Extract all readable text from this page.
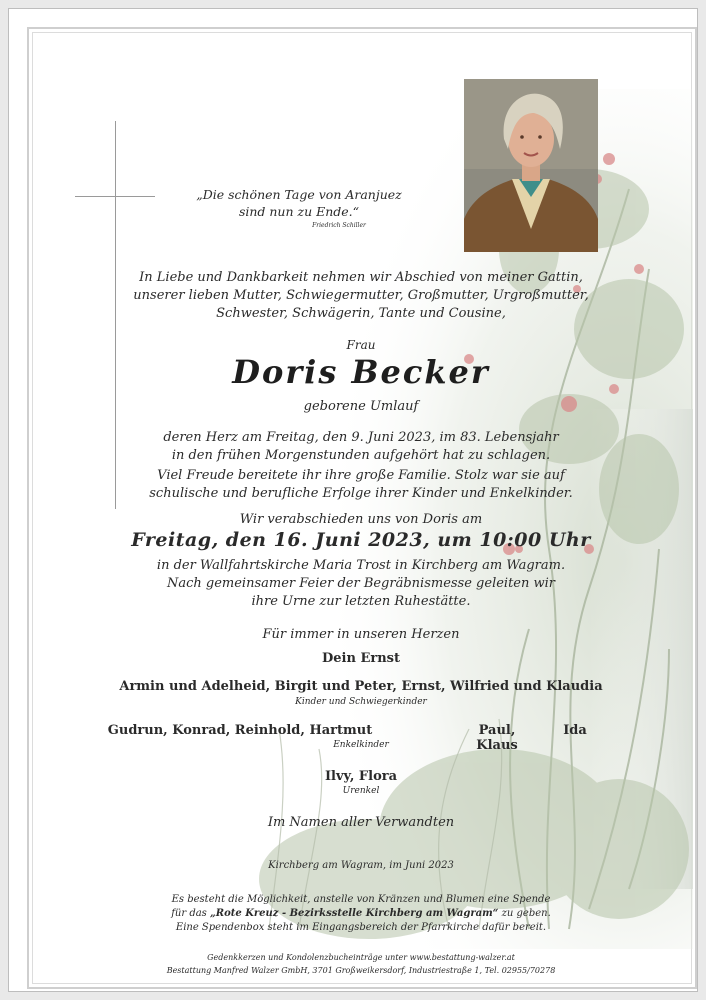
„Die schönen Tage von Aranjuez
sind nun zu Ende.“
Friedrich Schiller
In Liebe und Dankbarkeit nehmen wir Abschied von meiner Gattin,
unserer lieben Mutter, Schwiegermutter, Großmutter, Urgroßmutter,
Schwester, Schwägerin, Tante und Cousine,
Frau
Doris Becker
geborene Umlauf
deren Herz am Freitag, den 9. Juni 2023, im 83. Lebensjahr
in den frühen Morgenstunden aufgehört hat zu schlagen.
Viel Freude bereitete ihr ihre große Familie. Stolz war sie auf
schulische und berufliche Erfolge ihrer Kinder und Enkelkinder.
Wir verabschieden uns von Doris am
Freitag, den 16. Juni 2023, um 10:00 Uhr
in der Wallfahrtskirche Maria Trost in Kirchberg am Wagram.
Nach gemeinsamer Feier der Begräbnismesse geleiten wir
ihre Urne zur letzten Ruhestätte.
Für immer in unseren Herzen
Dein Ernst
Armin und Adelheid, Birgit und Peter, Ernst, Wilfried und Klaudia
Kinder und Schwiegerkinder
Gudrun, Konrad, Reinhold, Hartmut	Paul, Klaus
Ida
Enkelkinder
Ilvy, Flora
Urenkel
Im Namen aller Verwandten
Kirchberg am Wagram, im Juni 2023
Es besteht die Möglichkeit, anstelle von Kränzen und Blumen eine Spende
für das „Rote Kreuz - Bezirksstelle Kirchberg am Wagram“ zu geben.
Eine Spendenbox steht im Eingangsbereich der Pfarrkirche dafür bereit.
Gedenkkerzen und Kondolenzbucheinträge unter www.bestattung-walzer.at
Bestattung Manfred Walzer GmbH, 3701 Großweikersdorf, Industriestraße 1, Tel. 02955/70278
